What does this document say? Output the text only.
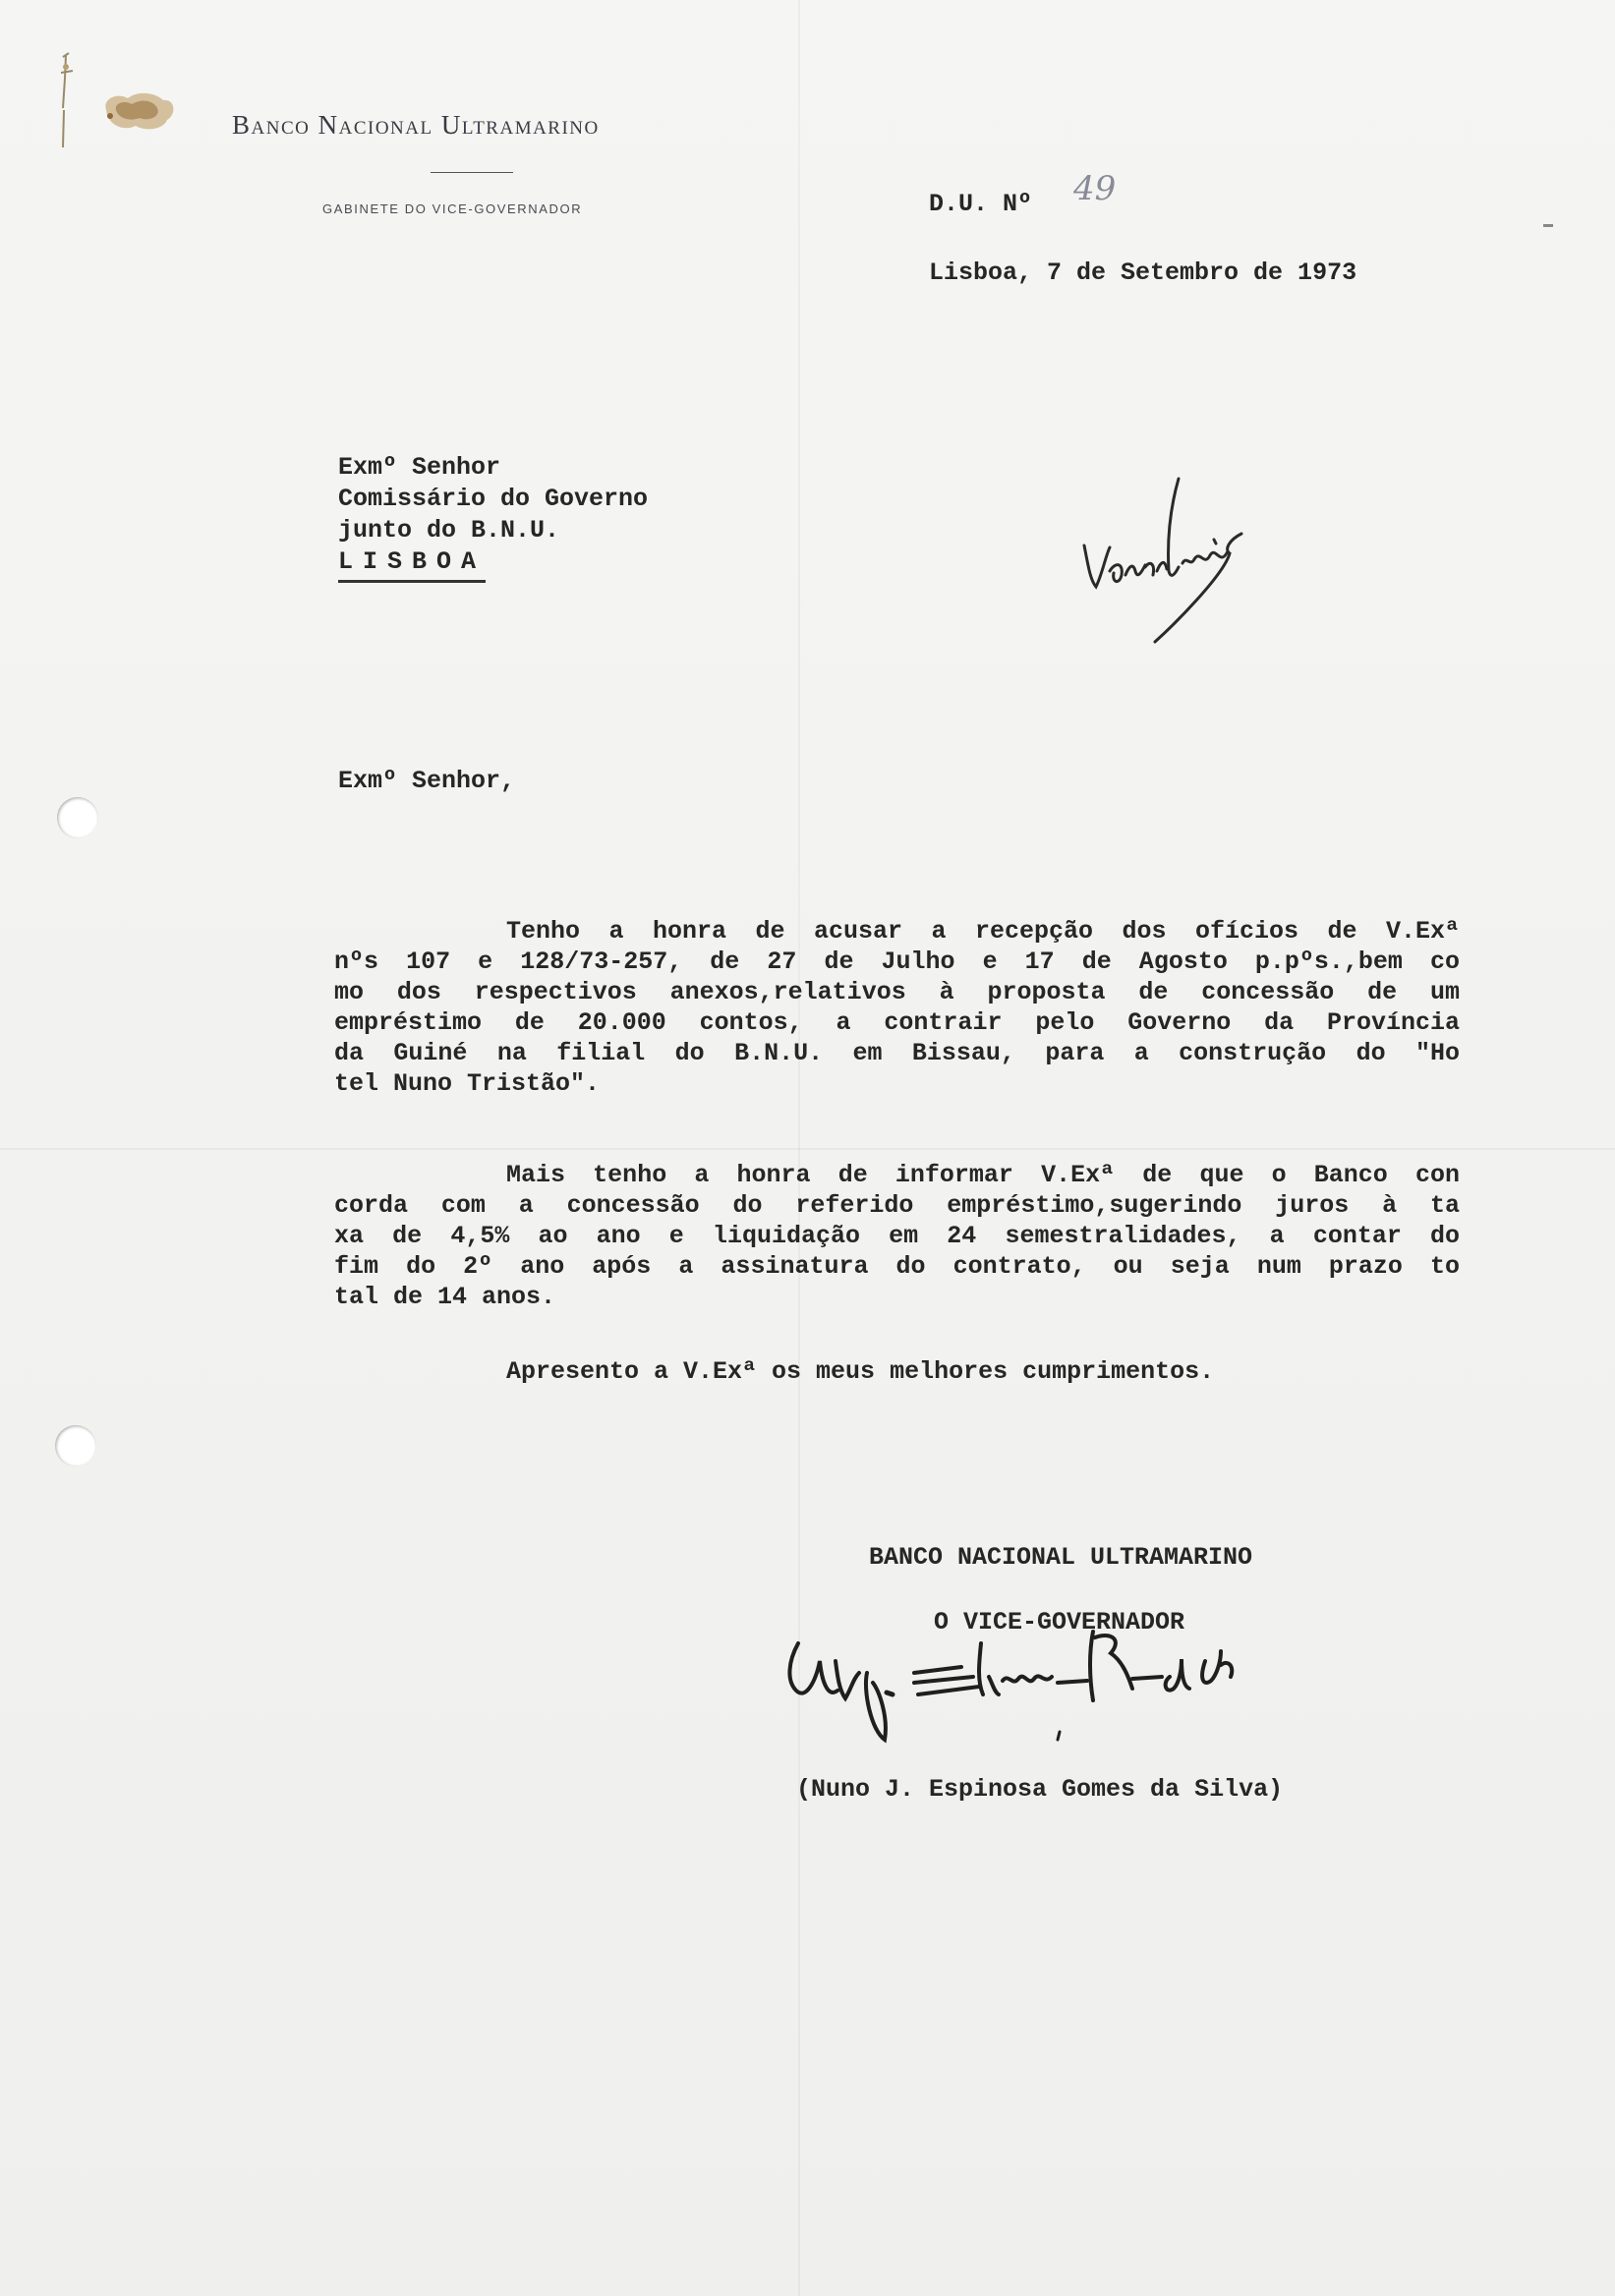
Banco Nacional Ultramarino
GABINETE DO VICE-GOVERNADOR	D.U. Nº 49
Lisboa, 7 de Setembro de 1973
Exmº Senhor
Comissário do Governo
junto do B.N.U.
LISBOA
Exmº Senhor,
Tenho a honra de acusar a recepção dos ofícios de V.Exª
nºs 107 e 128/73-257, de 27 de Julho e 17 de Agosto p.pºs.,bem co
mo dos respectivos anexos,relativos à proposta de concessão de um
empréstimo de 20.000 contos, a contrair pelo Governo da Província
da Guiné na filial do B.N.U. em Bissau, para a construção do "Ho
tel Nuno Tristão".
Mais tenho a honra de informar V.Exª de que o Banco con
corda com a concessão do referido empréstimo,sugerindo juros à ta
xa de 4,5% ao ano e liquidação em 24 semestralidades, a contar do
fim do 2º ano após a assinatura do contrato, ou seja num prazo to
tal de 14 anos.
Apresento a V.Exª os meus melhores cumprimentos.
BANCO NACIONAL ULTRAMARINO
O VICE-GOVERNADOR
(Nuno J. Espinosa Gomes da Silva)
